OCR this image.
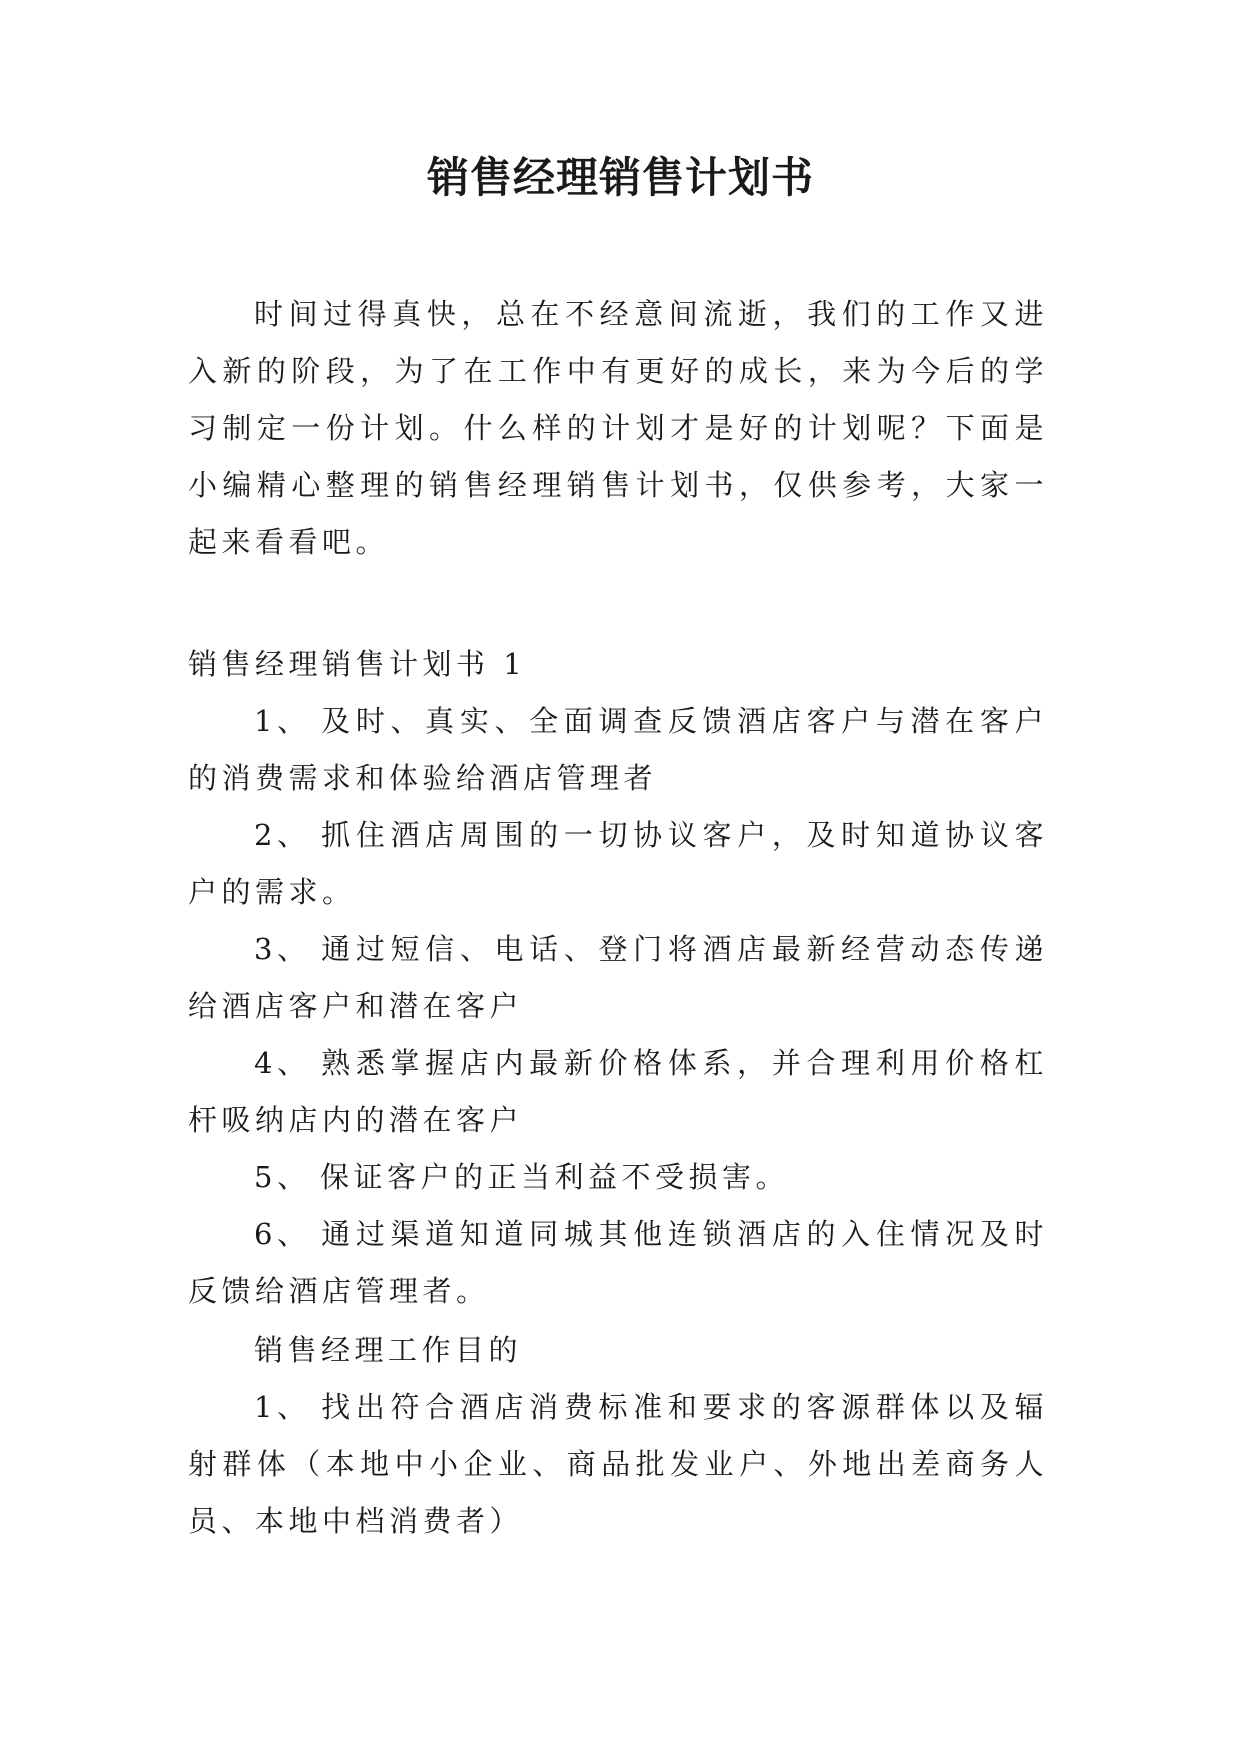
销售经理销售计划书
时间过得真快，总在不经意间流逝，我们的工作又进入新的阶段，为了在工作中有更好的成长，来为今后的学习制定一份计划。什么样的计划才是好的计划呢？下面是小编精心整理的销售经理销售计划书，仅供参考，大家一起来看看吧。
销售经理销售计划书 1

1、 及时、真实、全面调查反馈酒店客户与潜在客户的消费需求和体验给酒店管理者

2、 抓住酒店周围的一切协议客户，及时知道协议客户的需求。

3、 通过短信、电话、登门将酒店最新经营动态传递给酒店客户和潜在客户

4、 熟悉掌握店内最新价格体系，并合理利用价格杠杆吸纳店内的潜在客户

5、 保证客户的正当利益不受损害。

6、 通过渠道知道同城其他连锁酒店的入住情况及时反馈给酒店管理者。

销售经理工作目的

1、 找出符合酒店消费标准和要求的客源群体以及辐射群体（本地中小企业、商品批发业户、外地出差商务人员、本地中档消费者）
